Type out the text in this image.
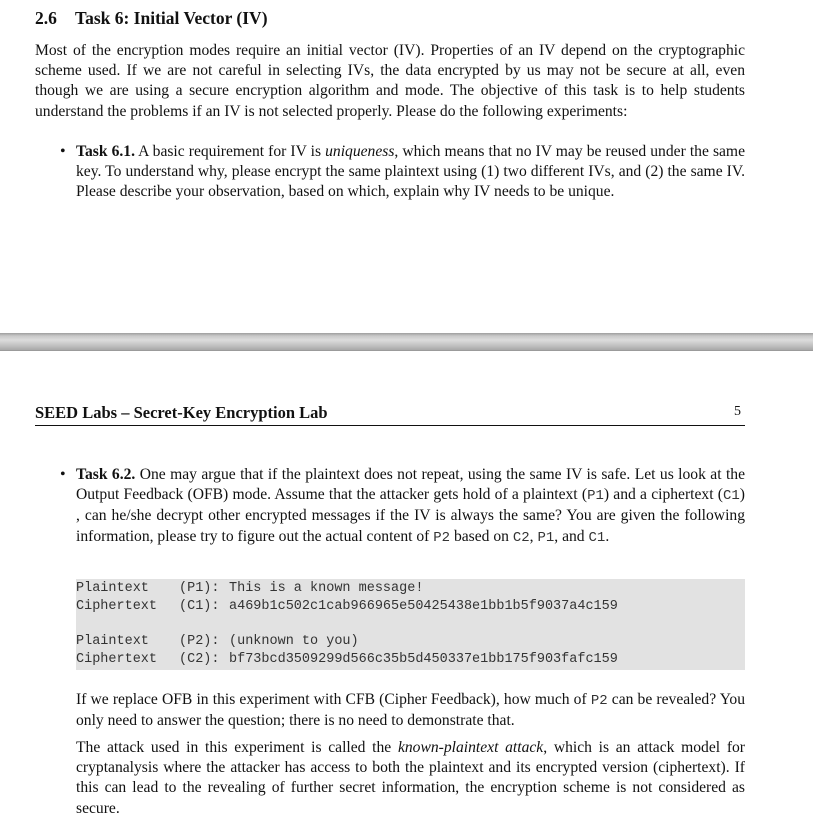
2.6 Task 6: Initial Vector (IV)

Most of the encryption modes require an initial vector (IV). Properties of an IV depend on the cryptographic scheme used. If we are not careful in selecting IVs, the data encrypted by us may not be secure at all, even though we are using a secure encryption algorithm and mode. The objective of this task is to help students understand the problems if an IV is not selected properly. Please do the following experiments:

• Task 6.1. A basic requirement for IV is uniqueness, which means that no IV may be reused under the same key. To understand why, please encrypt the same plaintext using (1) two different IVs, and (2) the same IV. Please describe your observation, based on which, explain why IV needs to be unique.

SEED Labs – Secret-Key Encryption Lab	5
• Task 6.2. One may argue that if the plaintext does not repeat, using the same IV is safe. Let us look at the Output Feedback (OFB) mode. Assume that the attacker gets hold of a plaintext (P1) and a ciphertext (C1) , can he/she decrypt other encrypted messages if the IV is always the same? You are given the following information, please try to figure out the actual content of P2 based on C2, P1, and C1.

Plaintext (P1): This is a known message!
Ciphertext (C1): a469b1c502c1cab966965e50425438e1bb1b5f9037a4c159
Plaintext (P2): (unknown to you)
Ciphertext (C2): bf73bcd3509299d566c35b5d450337e1bb175f903fafc159

If we replace OFB in this experiment with CFB (Cipher Feedback), how much of P2 can be revealed? You only need to answer the question; there is no need to demonstrate that.

The attack used in this experiment is called the known-plaintext attack, which is an attack model for cryptanalysis where the attacker has access to both the plaintext and its encrypted version (ciphertext). If this can lead to the revealing of further secret information, the encryption scheme is not considered as secure.
